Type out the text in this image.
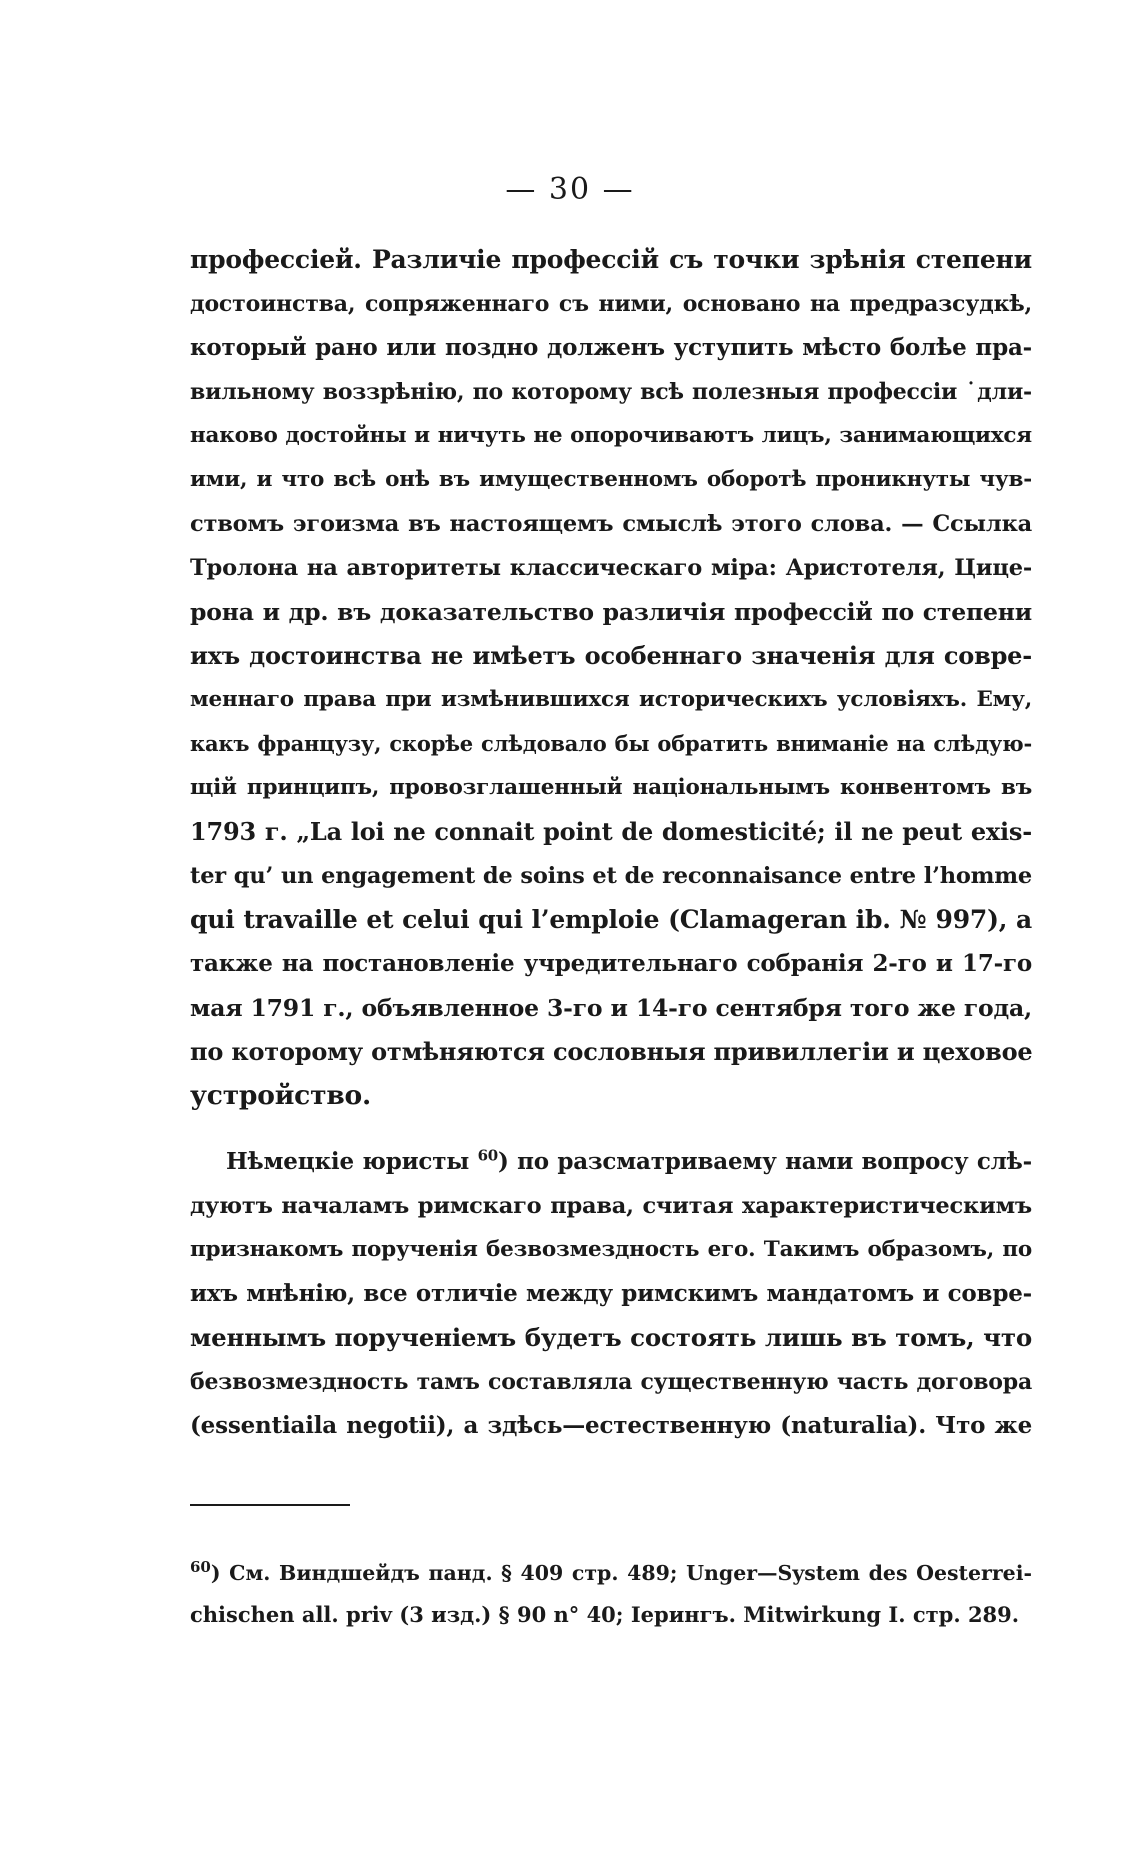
— 30 —
профессіей. Различіе профессій съ точки зрѣнія степени
достоинства, сопряженнаго съ ними, основано на предразсудкѣ,
который рано или поздно долженъ уступить мѣсто болѣе пра-
вильному воззрѣнію, по которому всѣ полезныя профессіи ˙дли-
наково достойны и ничуть не опорочиваютъ лицъ, занимающихся
ими, и что всѣ онѣ въ имущественномъ оборотѣ проникнуты чув-
ствомъ эгоизма въ настоящемъ смыслѣ этого слова. — Ссылка
Тролона на авторитеты классическаго міра: Аристотеля, Цице-
рона и др. въ доказательство различія профессій по степени
ихъ достоинства не имѣетъ особеннаго значенія для совре-
меннаго права при измѣнившихся историческихъ условіяхъ. Ему,
какъ французу, скорѣе слѣдовало бы обратить вниманіе на слѣдую-
щій принципъ, провозглашенный національнымъ конвентомъ въ
1793 г. „La loi ne connait point de domesticité; il ne peut exis-
ter qu’ un engagement de soins et de reconnaisance entre l’homme
qui travaille et celui qui l’emploie (Clamageran ib. № 997), а
также на постановленіе учредительнаго собранія 2-го и 17-го
мая 1791 г., объявленное 3-го и 14-го сентября того же года,
по которому отмѣняются сословныя привиллегіи и цеховое
устройство.
Нѣмецкіе юристы $^{60}$) по разсматриваему нами вопросу слѣ-
дуютъ началамъ римскаго права, считая характеристическимъ
признакомъ порученія безвозмездность его. Такимъ образомъ, по
ихъ мнѣнію, все отличіе между римскимъ мандатомъ и совре-
меннымъ порученіемъ будетъ состоять лишь въ томъ, что
безвозмездность тамъ составляла существенную часть договора
(essentiaila negotii), а здѣсь—естественную (naturalia). Что же
$^{60}$) См. Виндшейдъ панд. § 409 стр. 489; Unger—System des Oesterrei-
chischen all. priv (3 изд.) § 90 n° 40; Ieрингъ. Mitwirkung I. стр. 289.
